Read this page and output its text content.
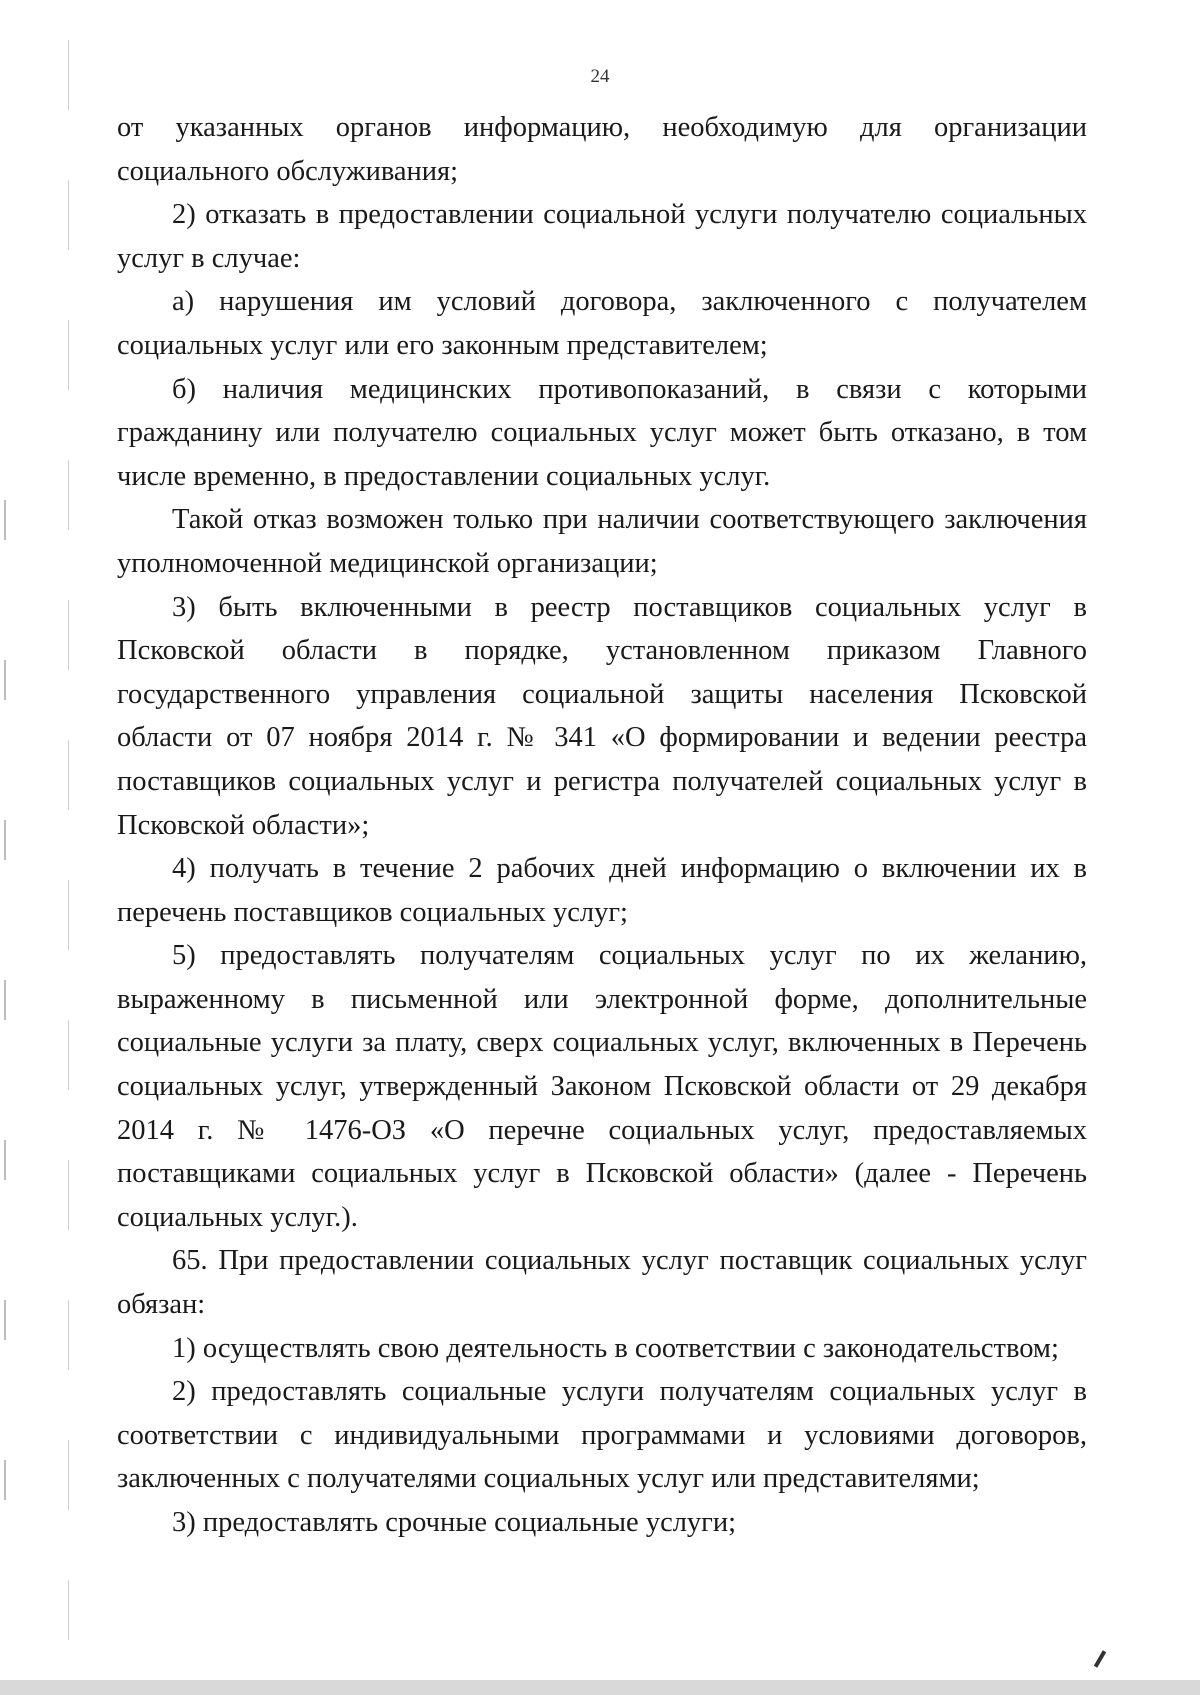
24

от указанных органов информацию, необходимую для организации социального обслуживания;

2) отказать в предоставлении социальной услуги получателю социальных услуг в случае:

а) нарушения им условий договора, заключенного с получателем социальных услуг или его законным представителем;

б) наличия медицинских противопоказаний, в связи с которыми гражданину или получателю социальных услуг может быть отказано, в том числе временно, в предоставлении социальных услуг.

Такой отказ возможен только при наличии соответствующего заключения уполномоченной медицинской организации;

3) быть включенными в реестр поставщиков социальных услуг в Псковской области в порядке, установленном приказом Главного государственного управления социальной защиты населения Псковской области от 07 ноября 2014 г. № 341 «О формировании и ведении реестра поставщиков социальных услуг и регистра получателей социальных услуг в Псковской области»;

4) получать в течение 2 рабочих дней информацию о включении их в перечень поставщиков социальных услуг;

5) предоставлять получателям социальных услуг по их желанию, выраженному в письменной или электронной форме, дополнительные социальные услуги за плату, сверх социальных услуг, включенных в Перечень социальных услуг, утвержденный Законом Псковской области от 29 декабря 2014 г. № 1476-ОЗ «О перечне социальных услуг, предоставляемых поставщиками социальных услуг в Псковской области» (далее - Перечень социальных услуг.).

65. При предоставлении социальных услуг поставщик социальных услуг обязан:

1) осуществлять свою деятельность в соответствии с законодательством;

2) предоставлять социальные услуги получателям социальных услуг в соответствии с индивидуальными программами и условиями договоров, заключенных с получателями социальных услуг или представителями;

3) предоставлять срочные социальные услуги;
